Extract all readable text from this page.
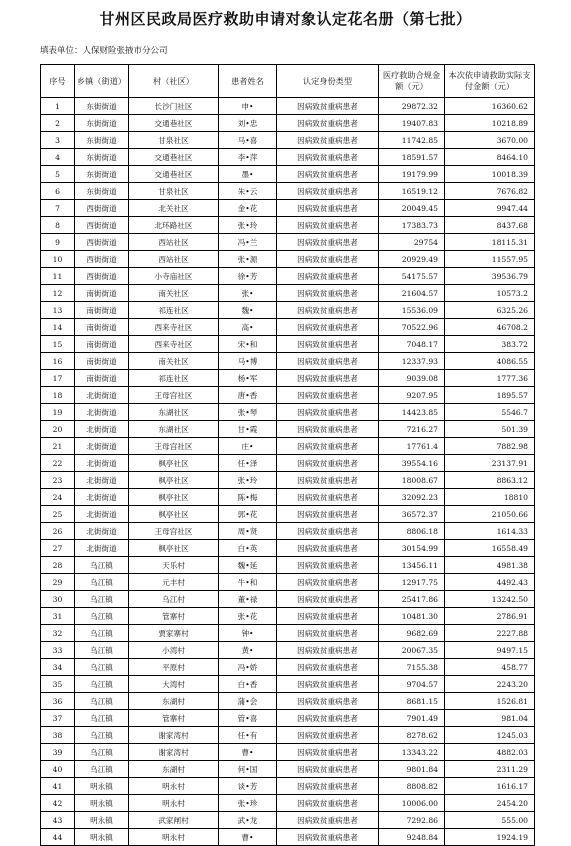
甘州区民政局医疗救助申请对象认定花名册（第七批）
填表单位：人保财险张掖市分公司
序号	乡镇（街道）	村（社区）	患者姓名	认定身份类型	医疗救助合规金额（元）	本次依申请救助实际支付金额（元）
1	东街街道	长沙门社区	申•	因病致贫重病患者	29872.32	16360.62
2	东街街道	交通巷社区	刘•忠	因病致贫重病患者	19407.83	10218.89
3	东街街道	甘泉社区	马•喜	因病致贫重病患者	11742.85	3670.00
4	东街街道	交通巷社区	李•萍	因病致贫重病患者	18591.57	8464.10
5	东街街道	交通巷社区	墨•	因病致贫重病患者	19179.99	10018.39
6	东街街道	甘泉社区	朱•云	因病致贫重病患者	16519.12	7676.82
7	西街街道	北关社区	金•花	因病致贫重病患者	20049.45	9947.44
8	西街街道	北环路社区	张•玲	因病致贫重病患者	17383.73	8437.68
9	西街街道	西站社区	冯•兰	因病致贫重病患者	29754	18115.31
10	西街街道	西站社区	张•源	因病致贫重病患者	20929.49	11557.95
11	西街街道	小寺庙社区	徐•芳	因病致贫重病患者	54175.57	39536.79
12	南街街道	南关社区	张•	因病致贫重病患者	21604.57	10573.2
13	南街街道	祁连社区	魏•	因病致贫重病患者	15536.09	6325.26
14	南街街道	西来寺社区	高•	因病致贫重病患者	70522.96	46708.2
15	南街街道	西来寺社区	宋•和	因病致贫重病患者	7048.17	383.72
16	南街街道	南关社区	马•博	因病致贫重病患者	12337.93	4086.55
17	南街街道	祁连社区	杨•军	因病致贫重病患者	9039.08	1777.36
18	北街街道	王母宫社区	唐•香	因病致贫重病患者	9207.95	1895.57
19	北街街道	东湖社区	张•琴	因病致贫重病患者	14423.85	5546.7
20	北街街道	东湖社区	甘•霞	因病致贫重病患者	7216.27	501.39
21	北街街道	王母宫社区	庄•	因病致贫重病患者	17761.4	7882.98
22	北街街道	枫亭社区	任•泽	因病致贫重病患者	39554.16	23137.91
23	北街街道	枫亭社区	张•玲	因病致贫重病患者	18008.67	8863.12
24	北街街道	枫亭社区	陈•梅	因病致贫重病患者	32092.23	18810
25	北街街道	枫亭社区	郭•花	因病致贫重病患者	36572.37	21050.66
26	北街街道	王母宫社区	周•贤	因病致贫重病患者	8806.18	1614.33
27	北街街道	枫亭社区	白•英	因病致贫重病患者	30154.99	16558.49
28	乌江镇	天乐村	魏•延	因病致贫重病患者	13456.11	4981.38
29	乌江镇	元丰村	牛•和	因病致贫重病患者	12917.75	4492.43
30	乌江镇	乌江村	董•禄	因病致贫重病患者	25417.86	13242.50
31	乌江镇	管寨村	张•花	因病致贫重病患者	10481.30	2786.91
32	乌江镇	贾家寨村	钟•	因病致贫重病患者	9682.69	2227.88
33	乌江镇	小湾村	黄•	因病致贫重病患者	20067.35	9497.15
34	乌江镇	平原村	冯•娇	因病致贫重病患者	7155.38	458.77
35	乌江镇	大湾村	白•香	因病致贫重病患者	9704.57	2243.20
36	乌江镇	东湖村	蒲•会	因病致贫重病患者	8681.15	1526.81
37	乌江镇	管寨村	管•喜	因病致贫重病患者	7901.49	981.04
38	乌江镇	谢家湾村	任•有	因病致贫重病患者	8278.62	1245.03
39	乌江镇	谢家湾村	曹•	因病致贫重病患者	13343.22	4882.03
40	乌江镇	东湖村	何•国	因病致贫重病患者	9801.84	2311.29
41	明永镇	明永村	谈•芳	因病致贫重病患者	8808.82	1616.17
42	明永镇	明永村	张•珍	因病致贫重病患者	10006.00	2454.20
43	明永镇	武家闸村	武•龙	因病致贫重病患者	7292.86	555.00
44	明永镇	明永村	曹•	因病致贫重病患者	9248.84	1924.19
